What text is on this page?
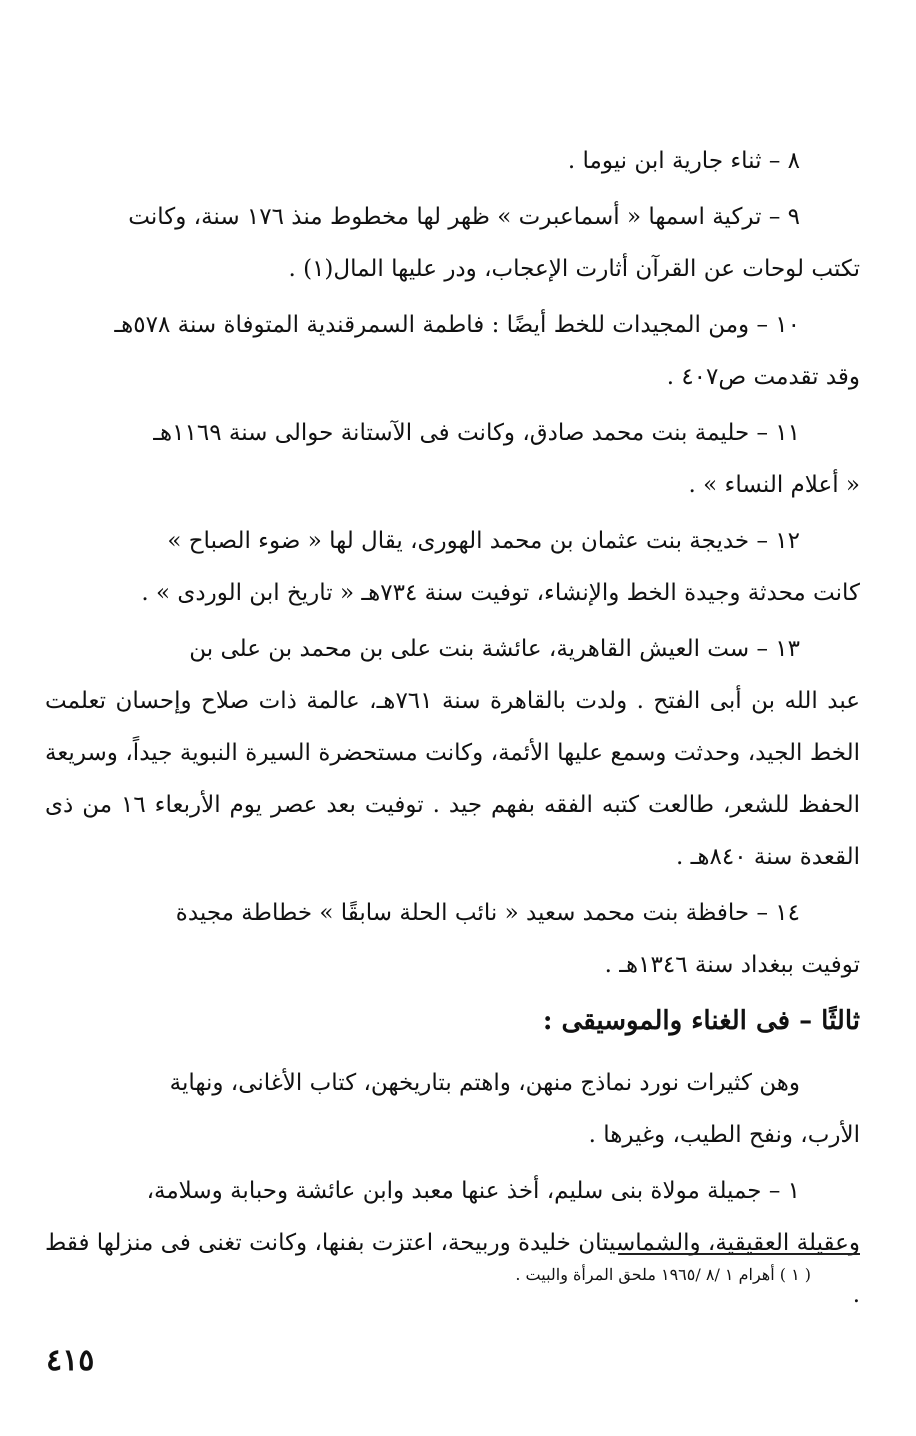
٨ – ثناء جارية ابن نيوما .

٩ – تركية اسمها « أسماعبرت » ظهر لها مخطوط منذ ١٧٦ سنة، وكانت
تكتب لوحات عن القرآن أثارت الإعجاب، ودر عليها المال(١) .

١٠ – ومن المجيدات للخط أيضًا : فاطمة السمرقندية المتوفاة سنة ٥٧٨هـ
وقد تقدمت ص٤٠٧ .

١١ – حليمة بنت محمد صادق، وكانت فى الآستانة حوالى سنة ١١٦٩هـ
« أعلام النساء » .

١٢ – خديجة بنت عثمان بن محمد الهورى، يقال لها « ضوء الصباح »
كانت محدثة وجيدة الخط والإنشاء، توفيت سنة ٧٣٤هـ « تاريخ ابن الوردى » .

١٣ – ست العيش القاهرية، عائشة بنت على بن محمد بن على بن
عبد الله بن أبى الفتح . ولدت بالقاهرة سنة ٧٦١هـ، عالمة ذات صلاح وإحسان تعلمت الخط الجيد، وحدثت وسمع عليها الأئمة، وكانت مستحضرة السيرة النبوية جيداً، وسريعة الحفظ للشعر، طالعت كتبه الفقه بفهم جيد . توفيت بعد عصر يوم الأربعاء ١٦ من ذى القعدة سنة ٨٤٠هـ .

١٤ – حافظة بنت محمد سعيد « نائب الحلة سابقًا » خطاطة مجيدة
توفيت ببغداد سنة ١٣٤٦هـ .

ثالثًا – فى الغناء والموسيقى :

وهن كثيرات نورد نماذج منهن، واهتم بتاريخهن، كتاب الأغانى، ونهاية
الأرب، ونفح الطيب، وغيرها .

١ – جميلة مولاة بنى سليم، أخذ عنها معبد وابن عائشة وحبابة وسلامة،
وعقيلة العقيقية، والشماسيتان خليدة وربيحة، اعتزت بفنها، وكانت تغنى فى منزلها فقط .

( ١ ) أهرام ١ /٨ /١٩٦٥ ملحق المرأة والبيت .
٤١٥
